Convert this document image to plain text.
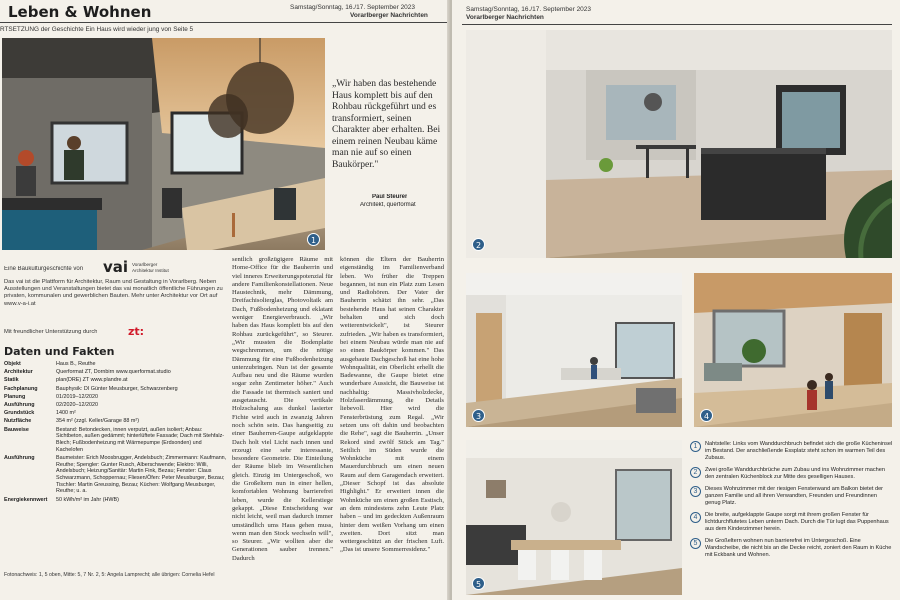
Leben & Wohnen	Samstag/Sonntag, 16./17. September 2023
Vorarlberger Nachrichten
RTSETZUNG der Geschichte Ein Haus wird wieder jung von Seite 5
1
„Wir haben das bestehende Haus komplett bis auf den Rohbau rückgeführt und es transformiert, seinen Charakter aber erhalten. Bei einem reinen Neubau käme man nie auf so einen Baukörper."
Paul Steurer
Architekt, querformat
Eine Baukulturgeschichte von vai Vorarlberger Architektur Institut
Das vai ist die Plattform für Architektur, Raum und Gestaltung in Vorarlberg. Neben Ausstellungen und Veranstaltungen bietet das vai monatlich öffentliche Führungen zu privaten, kommunalen und gewerblichen Bauten. Mehr unter Architektur vor Ort auf www.v-a-i.at
Mit freundlicher Unterstützung durch	zt:
Daten und Fakten
Objekt	Haus B., Reuthe
Architektur	Querformat ZT, Dornbirn www.querformat.studio
Statik	plan(DRE) ZT www.plandre.at
Fachplanung	Bauphysik: DI Günter Meusburger, Schwarzenberg
Planung	01/2019–12/2020
Ausführung	02/2020–12/2020
Grundstück	1400 m²
Nutzfläche	354 m² (zzgl. Keller/Garage 88 m²)
Bauweise	Bestand: Betondecken, innen verputzt, außen isoliert; Anbau: Sichtbeton, außen gedämmt; hinterlüftete Fassade; Dach mit Stehfalz-Blech; Fußbodenheizung mit Wärmepumpe (Erdsonden) und Kachelofen
Ausführung	Baumeister: Erich Moosbrugger, Andelsbuch; Zimmermann: Kaufmann, Reuthe; Spengler: Gunter Rusch, Alberschwende; Elektro: Willi, Andelsbuch; Heizung/Sanitär: Martin Fink, Bezau; Fenster: Claus Schwarzmann, Schoppernau; Fliesen/Öfen: Peter Meusburger, Bezau; Tischler: Martin Greussing, Bezau; Küchen: Wolfgang Meusburger, Reuthe; u. a.
Energiekennwert	50 kWh/m² im Jahr (HWB)
Fotonachweis: 1, 5 oben, Mitte: 5, 7 Nr. 2, 5: Angela Lamprecht; alle übrigen: Cornelia Hefel
sentlich großzügigere Räume mit Home-Office für die Bauherrin und viel inneres Erweiterungspotenzial für andere Familienkonstellationen. Neue Haustechnik, mehr Dämmung, Dreifachisolierglas, Photovoltaik am Dach, Fußbodenheizung und eklatant weniger Energieverbrauch. „Wir haben das Haus komplett bis auf den Rohbau zurückgeführt", so Steurer. „Wir mussten die Bodenplatte wegschremmen, um die nötige Dämmung für eine Fußbodenheizung unterzubringen. Nun ist der gesamte Aufbau neu und die Räume wurden sogar zehn Zentimeter höher." Auch die Fassade ist thermisch saniert und ausgetauscht. Die vertikale Holzschalung aus dunkel lasierter Fichte wird auch in zwanzig Jahren noch schön sein. Das hangseitig zu einer Bauherren-Gaupe aufgeklappte Dach holt viel Licht nach innen und erzeugt eine sehr interessante, besondere Geometrie. Die Einteilung der Räume blieb im Wesentlichen gleich. Einzig im Untergeschoß, wo die Großeltern nun in einer hellen, komfortablen Wohnung barrierefrei leben, wurde die Kellerstiege gekappt. „Diese Entscheidung war nicht leicht, weil man dadurch immer umständlich ums Haus gehen muss, wenn man den Stock wechseln will", so Steurer. „Wir wollten aber die Generationen sauber trennen." Dadurch
können die Eltern der Bauherrin eigenständig im Familienverband leben. Wo früher die Treppen begannen, ist nun ein Platz zum Lesen und Radiohören. Der Vater der Bauherrin schätzt ihn sehr. „Das bestehende Haus hat seinen Charakter behalten und sich doch weiterentwickelt", ist Steurer zufrieden. „Wir haben es transformiert, bei einem Neubau würde man nie auf so einen Baukörper kommen." Das ausgebaute Dachgeschoß hat eine hohe Wohnqualität, ein Oberlicht erhellt die Badewanne, die Gaupe bietet eine wunderbare Aussicht, die Bauweise ist nachhaltig: Massivholzdecke, Holzfaserdämmung, die Details liebevoll. Hier wird die Fensterbrüstung zum Regal. „Wir setzen uns oft dahin und beobachten die Rehe", sagt die Bauherrin. „Unser Rekord sind zwölf Stück am Tag." Seitlich im Süden wurde die Wohnküche mit einem Mauerdurchbruch um einen neuen Raum auf dem Garagendach erweitert. „Dieser Schopf ist das absolute Highlight." Er erweitert innen die Wohnküche um einen großen Esstisch, an dem mindestens zehn Leute Platz haben – und im gedeckten Außenraum hinter dem weißen Vorhang um einen zweiten. Dort sitzt man wettergeschützt an der frischen Luft. „Das ist unsere Sommerresidenz."
Samstag/Sonntag, 16./17. September 2023
Vorarlberger Nachrichten
2
3	4
5
1	Nahtstelle: Links vom Wanddurchbruch befindet sich die große Kücheninsel im Bestand. Der anschließende Essplatz steht schon im warmen Teil des Zubaus.
2	Zwei große Wanddurchbrüche zum Zubau und ins Wohnzimmer machen den zentralen Küchenblock zur Mitte des geselligen Hauses.
3	Dieses Wohnzimmer mit der riesigen Fensterwand am Balkon bietet der ganzen Familie und all ihren Verwandten, Freunden und Freundinnen genug Platz.
4	Die breite, aufgeklappte Gaupe sorgt mit ihrem großen Fenster für lichtdurchflutetes Leben unterm Dach. Durch die Tür lugt das Puppenhaus aus dem Kinderzimmer herein.
5	Die Großeltern wohnen nun barrierefrei im Untergeschoß. Eine Wandscheibe, die nicht bis an die Decke reicht, zoniert den Raum in Küche mit Eckbank und Wohnen.
